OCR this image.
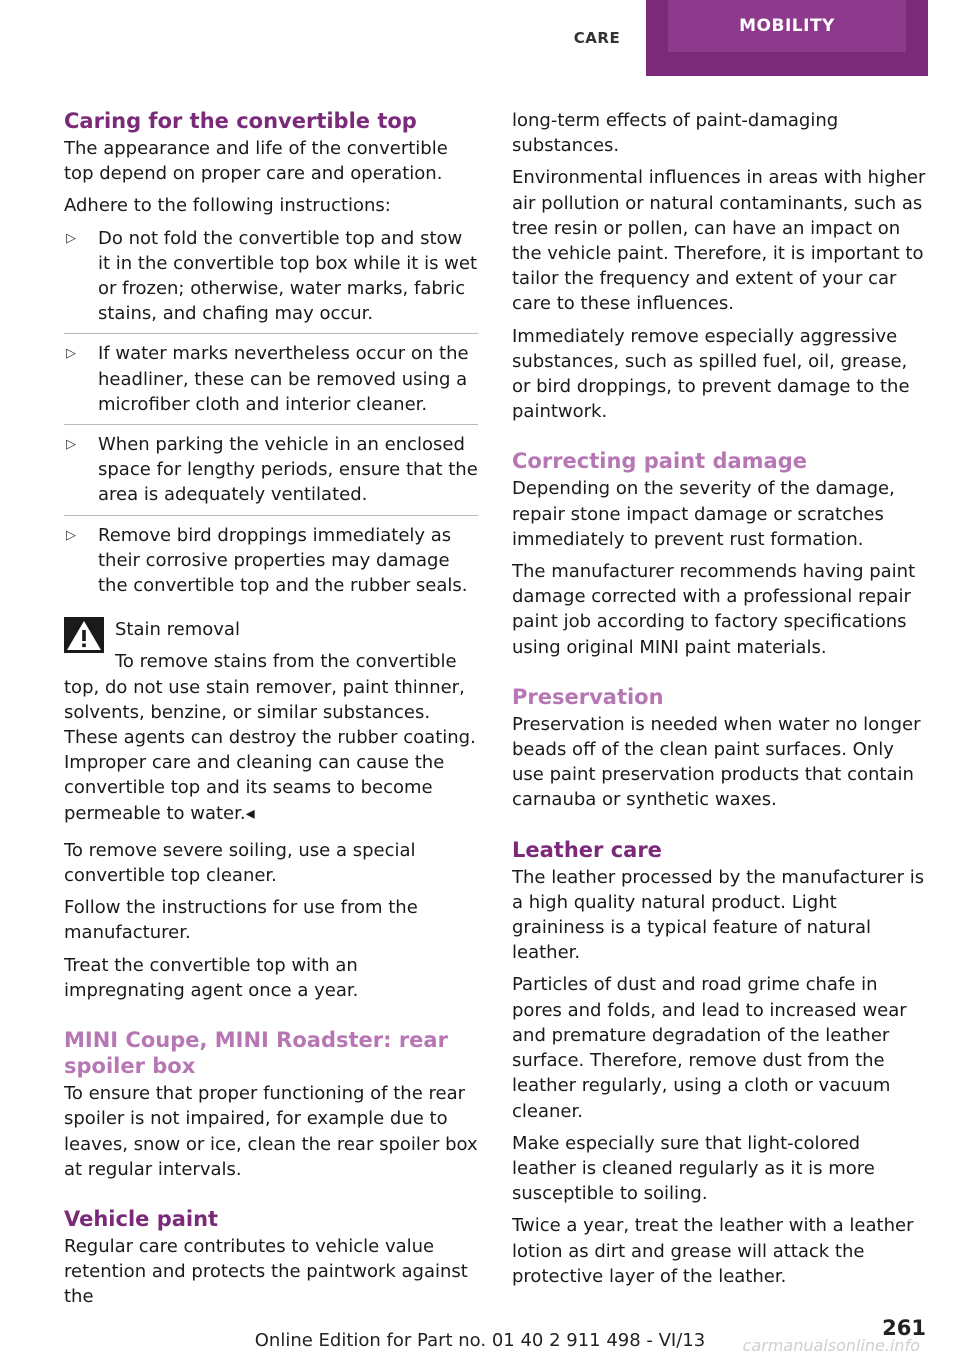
CARE
MOBILITY
Caring for the convertible top

The appearance and life of the convertible top depend on proper care and operation.

Adhere to the following instructions:

▷ Do not fold the convertible top and stow it in the convertible top box while it is wet or frozen; otherwise, water marks, fabric stains, and chafing may occur.
▷ If water marks nevertheless occur on the headliner, these can be removed using a microfiber cloth and interior cleaner.
▷ When parking the vehicle in an enclosed space for lengthy periods, ensure that the area is adequately ventilated.
▷ Remove bird droppings immediately as their corrosive properties may damage the convertible top and the rubber seals.

Stain removal

To remove stains from the convertible top, do not use stain remover, paint thinner, solvents, benzine, or similar substances. These agents can destroy the rubber coating. Improper care and cleaning can cause the convertible top and its seams to become permeable to water.◂

To remove severe soiling, use a special convertible top cleaner.

Follow the instructions for use from the manufacturer.

Treat the convertible top with an impregnating agent once a year.

MINI Coupe, MINI Roadster: rear spoiler box

To ensure that proper functioning of the rear spoiler is not impaired, for example due to leaves, snow or ice, clean the rear spoiler box at regular intervals.

Vehicle paint

Regular care contributes to vehicle value retention and protects the paintwork against the

long-term effects of paint-damaging substances.

Environmental influences in areas with higher air pollution or natural contaminants, such as tree resin or pollen, can have an impact on the vehicle paint. Therefore, it is important to tailor the frequency and extent of your car care to these influences.

Immediately remove especially aggressive substances, such as spilled fuel, oil, grease, or bird droppings, to prevent damage to the paintwork.

Correcting paint damage

Depending on the severity of the damage, repair stone impact damage or scratches immediately to prevent rust formation.

The manufacturer recommends having paint damage corrected with a professional repair paint job according to factory specifications using original MINI paint materials.

Preservation

Preservation is needed when water no longer beads off of the clean paint surfaces. Only use paint preservation products that contain carnauba or synthetic waxes.

Leather care

The leather processed by the manufacturer is a high quality natural product. Light graininess is a typical feature of natural leather.

Particles of dust and road grime chafe in pores and folds, and lead to increased wear and premature degradation of the leather surface. Therefore, remove dust from the leather regularly, using a cloth or vacuum cleaner.

Make especially sure that light-colored leather is cleaned regularly as it is more susceptible to soiling.

Twice a year, treat the leather with a leather lotion as dirt and grease will attack the protective layer of the leather.

261
Online Edition for Part no. 01 40 2 911 498 - VI/13	carmanualsonline.info
